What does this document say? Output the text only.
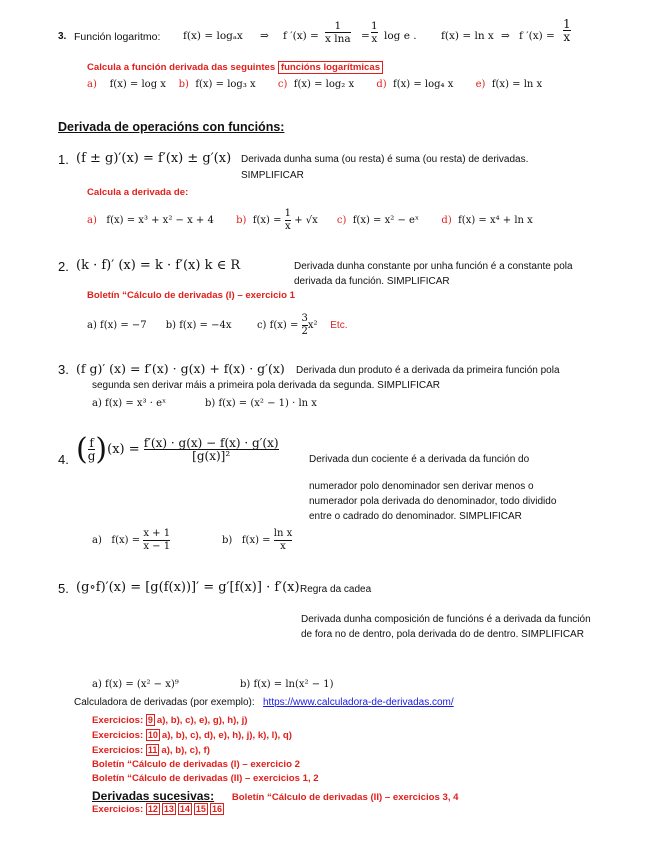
3. Función logaritmo: f(x) = logₐx ⇒ f $'(x) = \frac{1}{\text{x lna}} = \frac{1}{x}$ log e . f(x) = ln x ⇒ f $'(x) = \frac{1}{x}$
Calcula a función derivada das seguintes funcións logarítmicas
a) f(x) = log x b) f(x) = log₃ x c) f(x) = log₂ x d) f(x) = log₄ x e) f(x) = ln x
Derivada de operacións con funcións:
1. (f ± g)′(x) = f′(x) ± g′(x) Derivada dunha suma (ou resta) é suma (ou resta) de derivadas.
SIMPLIFICAR
Calcula a derivada de:
a) f(x) = x³ + x² − x + 4 b) $f(x) = \frac{1}{x} + √x$ c) f(x) = x² − eˣ d) f(x) = x⁴ + ln x
2. (k · f)′ (x) = k · f′(x) k ∈ R	Derivada dunha constante por unha función é a constante pola derivada da función. SIMPLIFICAR
Boletín “Cálculo de derivadas (I) – exercicio 1
a) f(x) = −7 b) f(x) = −4x	c) $f(x) = \frac{3}{2} x^2$ Etc.
3. (f g)′ (x) = f′(x) · g(x) + f(x) · g′(x) Derivada dun produto é a derivada da primeira función pola
segunda sen derivar máis a primeira pola derivada da segunda. SIMPLIFICAR
a) f(x) = x³ · eˣ	b) f(x) = (x² − 1) · ln x
4. ( $\frac{f}{g} )(x) = \frac{f'(x) \cdot g(x) - f(x) \cdot g'(x)}{\text{[g(x)]²}}$	Derivada dun cociente é a derivada da función do
numerador polo denominador sen derivar menos o numerador pola derivada do denominador, todo dividido entre o cadrado do denominador. SIMPLIFICAR
a) $f(x) = \frac{x + 1}{x - 1}$	b) $f(x) = \frac{\text{ln x}}{x}$
5. (g∘f)′(x) = [g(f(x))]′ = g′[f(x)] · f′(x) Regra da cadea
Derivada dunha composición de funcións é a derivada da función de fora no de dentro, pola derivada do de dentro. SIMPLIFICAR
a) f(x) = (x² − x)⁹	b) f(x) = ln(x² − 1)
Calculadora de derivadas (por exemplo): https://www.calculadora-de-derivadas.com/
Exercicios: 9 a), b), c), e), g), h), j)
Exercicios: 10 a), b), c), d), e), h), j), k), l), q)
Exercicios: 11 a), b), c), f)
Boletín “Cálculo de derivadas (I) – exercicio 2
Boletín “Cálculo de derivadas (II) – exercicios 1, 2
Derivadas sucesivas: Boletín “Cálculo de derivadas (II) – exercicios 3, 4
Exercicios: 12 13 14 15 16
